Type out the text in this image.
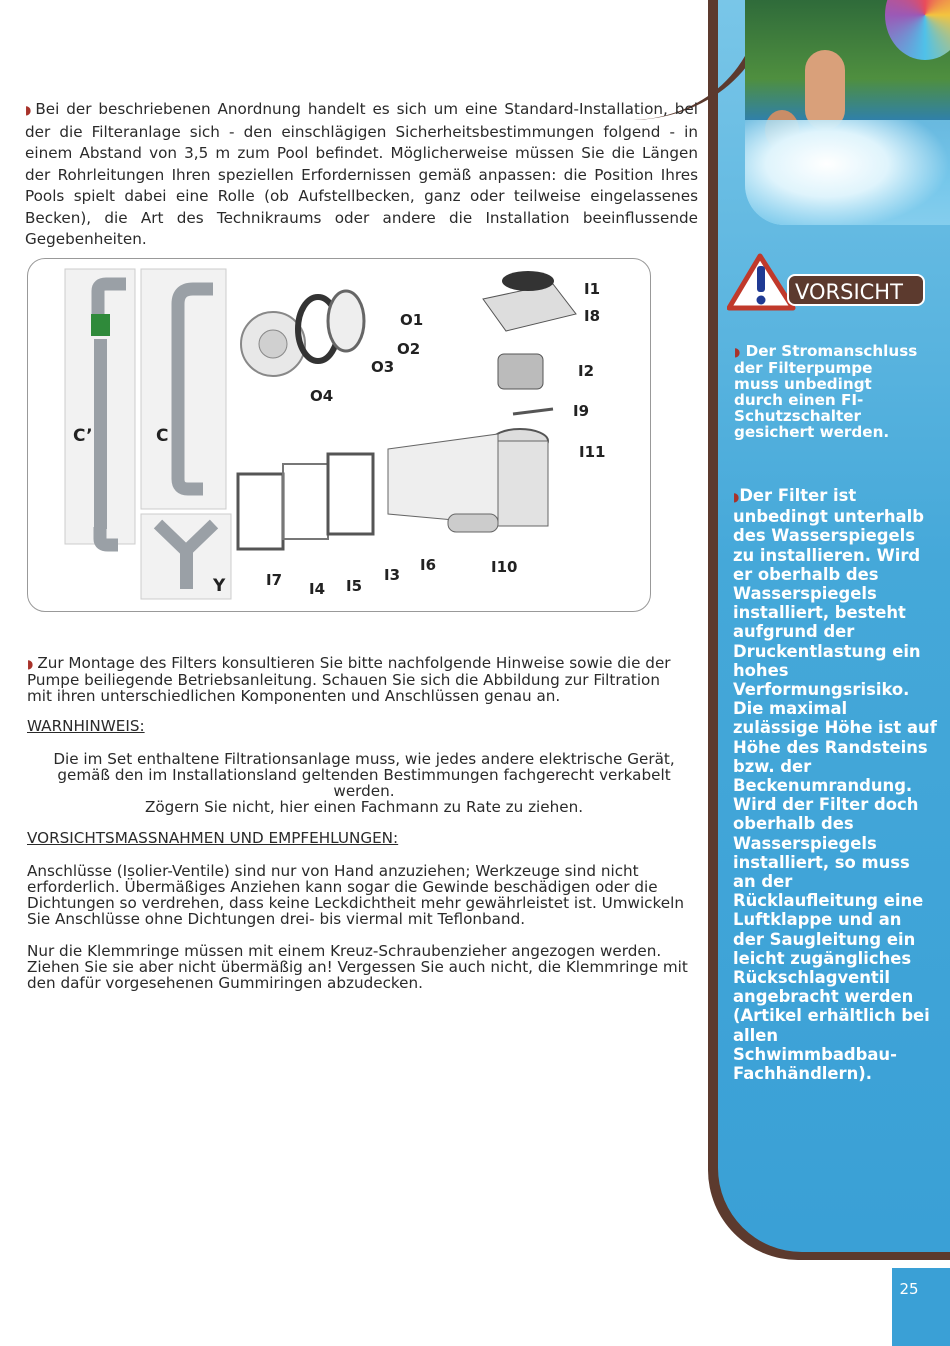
◗ Bei der beschriebenen Anordnung handelt es sich um eine Standard-Installation, bei der die Filteranlage sich - den einschlägigen Sicherheitsbestimmungen folgend - in einem Abstand von 3,5 m zum Pool befindet. Möglicherweise müssen Sie die Längen der Rohrleitungen Ihren speziellen Erfordernissen gemäß anpassen: die Position Ihres Pools spielt dabei eine Rolle (ob Aufstellbecken, ganz oder teilweise eingelassenes Becken), die Art des Technikraums oder andere die Installation beeinflussende Gegebenheiten.

C’	C
Y
O1
O2
O3
O4
I1
I8
I2
I9
I11
I6	I10
I3
I5
I4
I7

◗ Zur Montage des Filters konsultieren Sie bitte nachfolgende Hinweise sowie die der Pumpe beiliegende Betriebsanleitung. Schauen Sie sich die Abbildung zur Filtration mit ihren unterschiedlichen Komponenten und Anschlüssen genau an.

WARNHINWEIS:

Die im Set enthaltene Filtrationsanlage muss, wie jedes andere elektrische Gerät, gemäß den im Installationsland geltenden Bestimmungen fachgerecht verkabelt werden.

Zögern Sie nicht, hier einen Fachmann zu Rate zu ziehen.

VORSICHTSMASSNAHMEN UND EMPFEHLUNGEN:

Anschlüsse (Isolier-Ventile) sind nur von Hand anzuziehen; Werkzeuge sind nicht erforderlich. Übermäßiges Anziehen kann sogar die Gewinde beschädigen oder die Dichtungen so verdrehen, dass keine Leckdichtheit mehr gewährleistet ist. Umwickeln Sie Anschlüsse ohne Dichtungen drei- bis viermal mit Teflonband.

Nur die Klemmringe müssen mit einem Kreuz-Schraubenzieher angezogen werden. Ziehen Sie sie aber nicht übermäßig an! Vergessen Sie auch nicht, die Klemmringe mit den dafür vorgesehenen Gummiringen abzudecken.

VORSICHT

◗ Der Stromanschluss der Filterpumpe muss unbedingt durch einen FI-Schutzschalter gesichert werden.

◗Der Filter ist unbedingt unterhalb des Wasserspiegels zu installieren. Wird er oberhalb des Wasserspiegels installiert, besteht aufgrund der Druckentlastung ein hohes Verformungsrisiko. Die maximal zulässige Höhe ist auf Höhe des Randsteins bzw. der Beckenumrandung. Wird der Filter doch oberhalb des Wasserspiegels installiert, so muss an der Rücklaufleitung eine Luftklappe und an der Saugleitung ein leicht zugängliches Rückschlagventil angebracht werden (Artikel erhältlich bei allen Schwimmbadbau-Fachhändlern).

25
